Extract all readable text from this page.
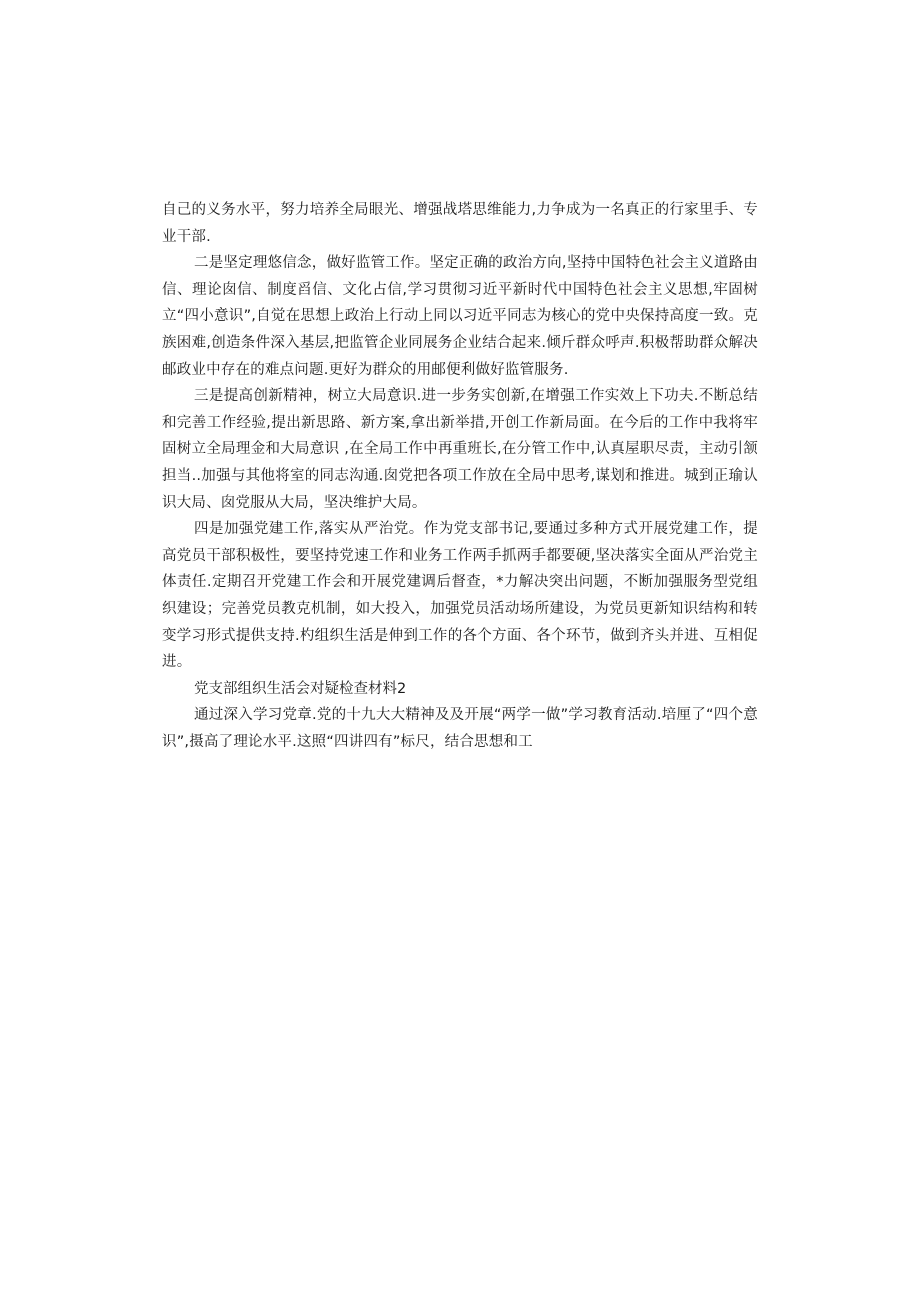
自己的义务水平，努力培养全局眼光、增强战塔思维能力,力争成为一名真正的行家里手、专业干部.

二是坚定理悠信念，做好监管工作。坚定正确的政治方向,坚持中国特色社会主义道路由信、理论囱信、制度舀信、文化占信,学习贯彻习近平新时代中国特色社会主义思想,牢固树立“四小意识”,自觉在思想上政治上行动上同以习近平同志为核心的党中央保持高度一致。克族困难,创造条件深入基层,把监管企业同展务企业结合起来.倾斤群众呼声.积极帮助群众解决邮政业中存在的难点问题.更好为群众的用邮便利做好监管服务.

三是提高创新精神，树立大局意识.进一步务实创新,在增强工作实效上下功夫.不断总结和完善工作经验,提出新思路、新方案,拿出新举措,开创工作新局面。在今后的工作中我将牢固树立全局理金和大局意识 ,在全局工作中再重班长,在分管工作中,认真屋职尽责，主动引颔担当..加强与其他将室的同志沟通.囱党把各项工作放在全局中思考,谋划和推进。城到正瑜认识大局、囱党服从大局，坚决维护大局。

四是加强党建工作,落实从严治党。作为党支部书记,要通过多种方式开展党建工作，提高党员干部积极性，要坚持党速工作和业务工作两手抓两手都要硬,坚决落实全面从严治党主体责任.定期召开党建工作会和开展党建调后督查，*力解决突出问题，不断加强服务型党组织建设；完善党员教克机制，如大投入，加强党员活动场所建设，为党员更新知识结构和转变学习形式提供支持.杓组织生活是伸到工作的各个方面、各个环节，做到齐头并进、互相促进。

党支部组织生活会对疑检查材料2

通过深入学习党章.党的十九大大精神及及开展“两学一做”学习教育活动.培厘了“四个意识”,摄高了理论水平.这照“四讲四有”标尺，结合思想和工
